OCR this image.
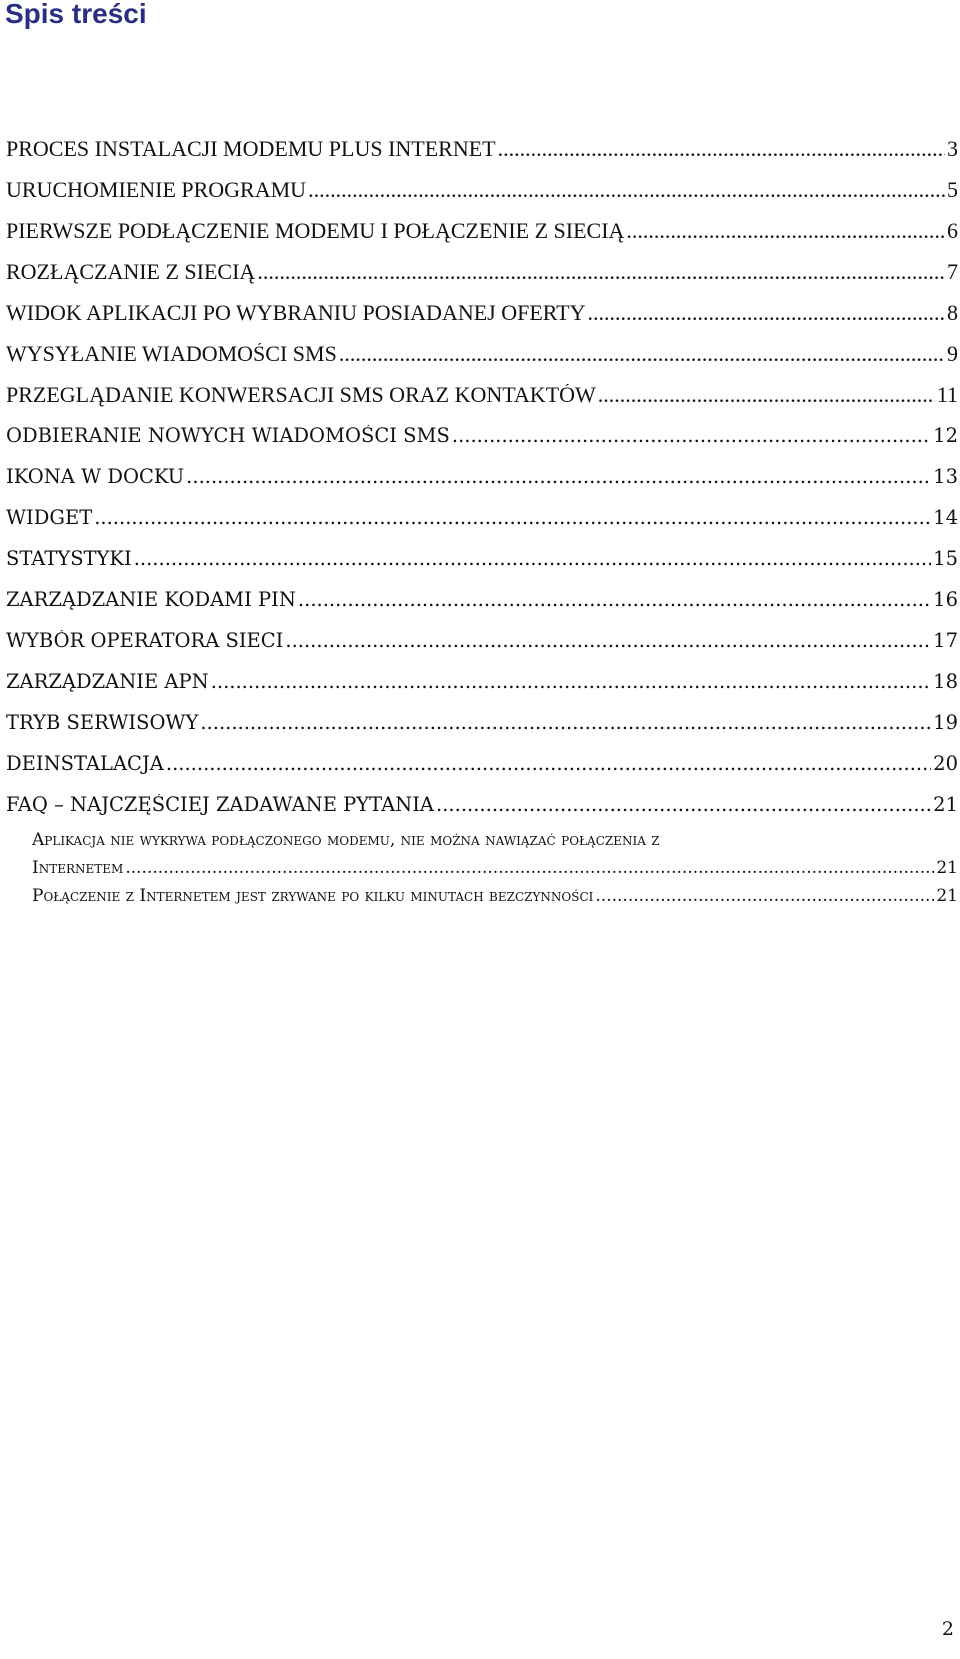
Spis treści
PROCES INSTALACJI MODEMU PLUS INTERNET .....	3
URUCHOMIENIE PROGRAMU .....	5
PIERWSZE PODŁĄCZENIE MODEMU I POŁĄCZENIE Z SIECIĄ .....	6
ROZŁĄCZANIE Z SIECIĄ .....	7
WIDOK APLIKACJI PO WYBRANIU POSIADANEJ OFERTY .....	8
WYSYŁANIE WIADOMOŚCI SMS .....	9
PRZEGLĄDANIE KONWERSACJI SMS ORAZ KONTAKTÓW .....	11
ODBIERANIE NOWYCH WIADOMOŚCI SMS .....	12
IKONA W DOCKU .....	13
WIDGET .....	14
STATYSTYKI .....	15
ZARZĄDZANIE KODAMI PIN .....	16
WYBÓR OPERATORA SIECI .....	17
ZARZĄDZANIE APN .....	18
TRYB SERWISOWY .....	19
DEINSTALACJA .....	20
FAQ – NAJCZĘŚCIEJ ZADAWANE PYTANIA .....	21
Aplikacja nie wykrywa podłączonego modemu, nie można nawiązać połączenia z
Internetem .....	21
Połączenie z Internetem jest zrywane po kilku minutach bezczynności .....	21

2
